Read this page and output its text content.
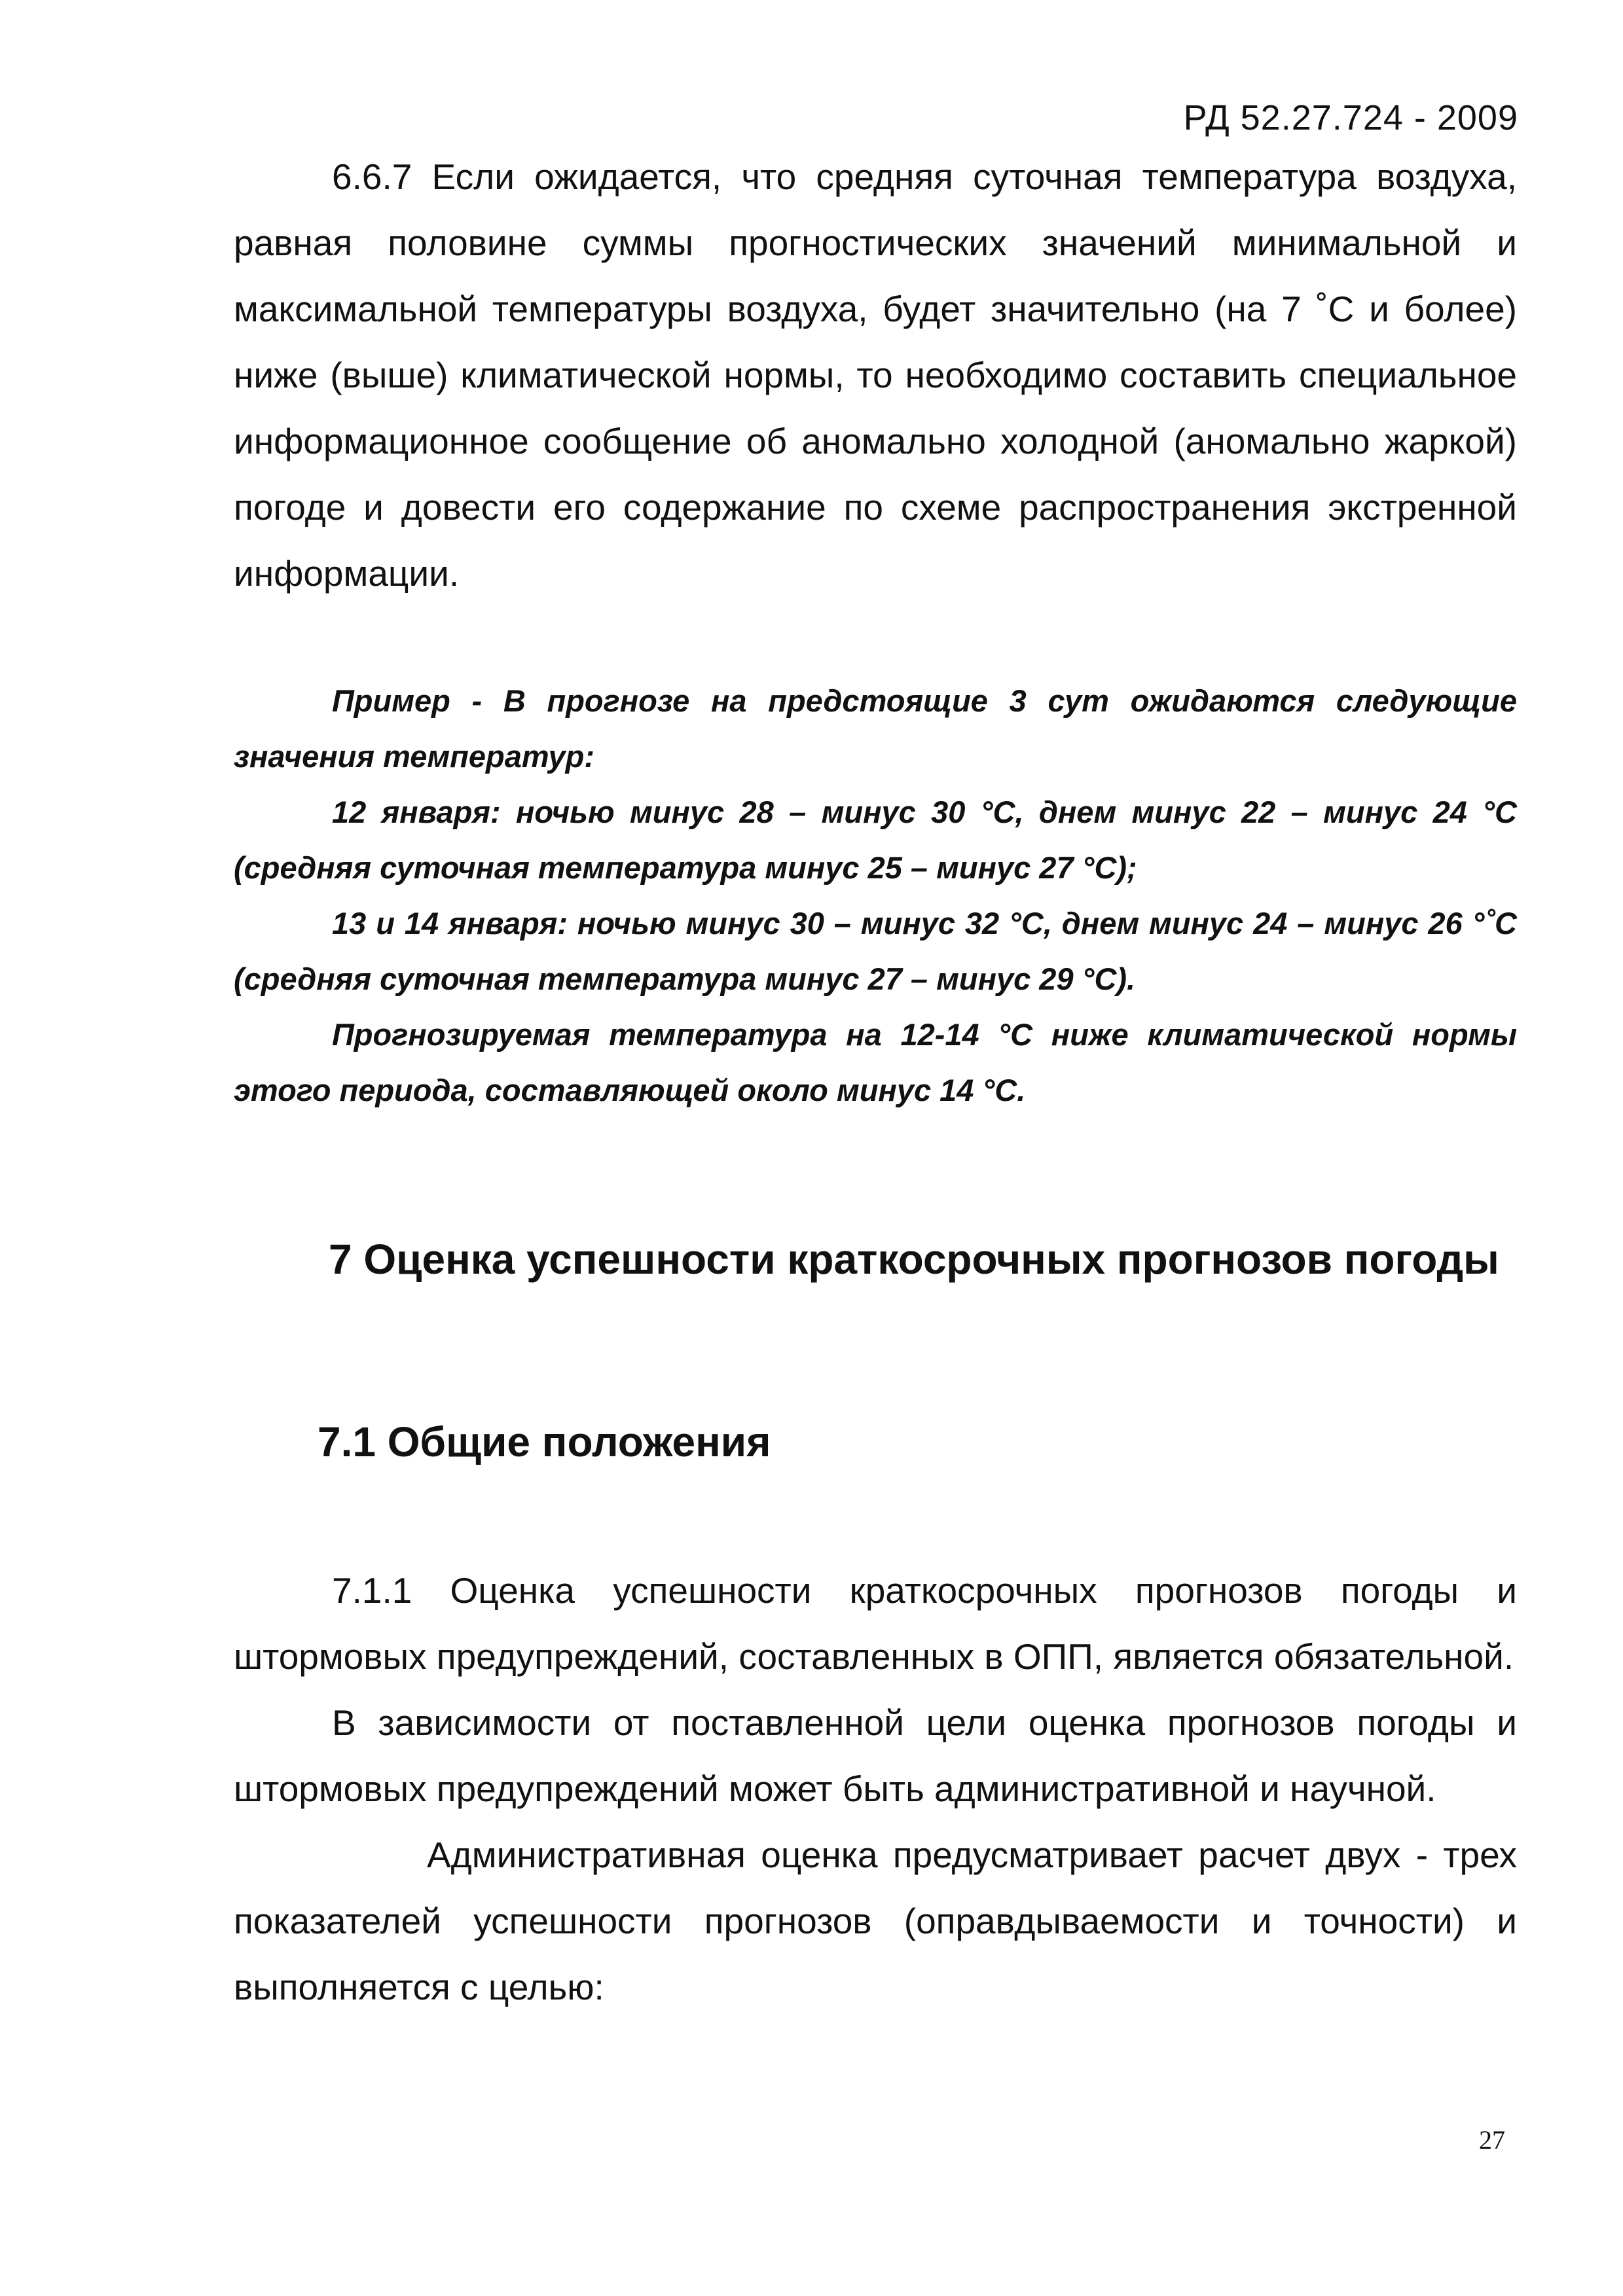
РД 52.27.724 - 2009

6.6.7 Если ожидается, что средняя суточная температура воздуха, равная половине суммы прогностических значений минимальной и максимальной температуры воздуха, будет значительно (на 7 ˚С и более) ниже (выше) климатической нормы, то необходимо составить специальное информационное сообщение об аномально холодной (аномально жаркой) погоде и довести его содержание по схеме распространения экстренной информации.

Пример - В прогнозе на предстоящие 3 сут ожидаются следующие значения температур:

12 января: ночью минус 28 – минус 30 °С, днем минус 22 – минус 24 °С (средняя суточная температура минус 25 – минус 27 °С);

13 и 14 января: ночью минус 30 – минус 32 °С, днем минус 24 – минус 26 °˚С (средняя суточная температура минус 27 – минус 29 °С).

Прогнозируемая температура на 12-14 °С ниже климатической нормы этого периода, составляющей около минус 14 °С.

7 Оценка успешности краткосрочных прогнозов погоды
7.1 Общие положения

7.1.1 Оценка успешности краткосрочных прогнозов погоды и штормовых предупреждений, составленных в ОПП, является обязательной.

В зависимости от поставленной цели оценка прогнозов погоды и штормовых предупреждений может быть административной и научной.

Административная оценка предусматривает расчет двух - трех показателей успешности прогнозов (оправдываемости и точности) и выполняется с целью:

27
